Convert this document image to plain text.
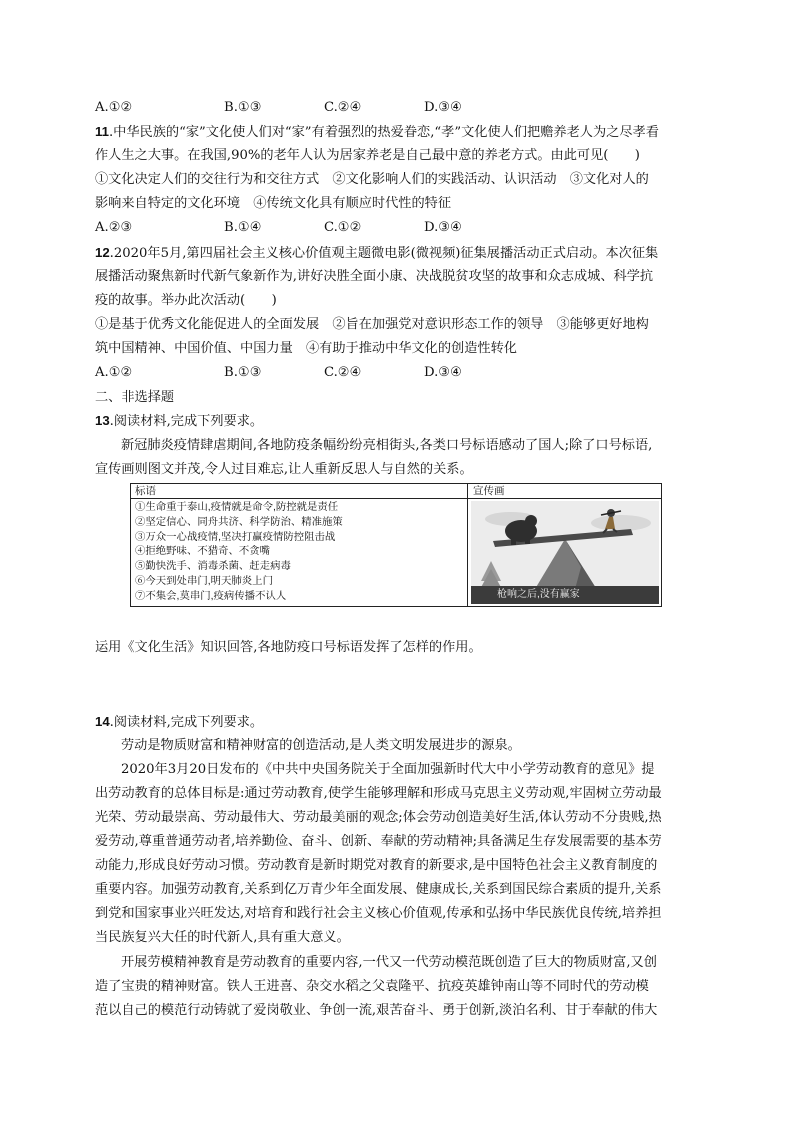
A.①②	B.①③	C.②④	D.③④
11.中华民族的“家”文化使人们对“家”有着强烈的热爱眷恋,“孝”文化使人们把赡养老人为之尽孝看
作人生之大事。在我国,90%的老年人认为居家养老是自己最中意的养老方式。由此可见(　　)
①文化决定人们的交往行为和交往方式　②文化影响人们的实践活动、认识活动　③文化对人的
影响来自特定的文化环境　④传统文化具有顺应时代性的特征
A.②③	B.①④	C.①②	D.③④
12.2020年5月,第四届社会主义核心价值观主题微电影(微视频)征集展播活动正式启动。本次征集
展播活动聚焦新时代新气象新作为,讲好决胜全面小康、决战脱贫攻坚的故事和众志成城、科学抗
疫的故事。举办此次活动(　　)
①是基于优秀文化能促进人的全面发展　②旨在加强党对意识形态工作的领导　③能够更好地构
筑中国精神、中国价值、中国力量　④有助于推动中华文化的创造性转化
A.①②	B.①③	C.②④	D.③④
二、非选择题
13.阅读材料,完成下列要求。
新冠肺炎疫情肆虐期间,各地防疫条幅纷纷亮相街头,各类口号标语感动了国人;除了口号标语,
宣传画则图文并茂,令人过目难忘,让人重新反思人与自然的关系。
标语	宣传画
①生命重于泰山,疫情就是命令,防控就是责任
②坚定信心、同舟共济、科学防治、精准施策
③万众一心战疫情,坚决打赢疫情防控阻击战
④拒绝野味、不猎奇、不贪嘴
⑤勤快洗手、消毒杀菌、赶走病毒
⑥今天到处串门,明天肺炎上门
⑦不集会,莫串门,疫病传播不认人	枪响之后,没有赢家
运用《文化生活》知识回答,各地防疫口号标语发挥了怎样的作用。
14.阅读材料,完成下列要求。
劳动是物质财富和精神财富的创造活动,是人类文明发展进步的源泉。
2020年3月20日发布的《中共中央国务院关于全面加强新时代大中小学劳动教育的意见》提
出劳动教育的总体目标是:通过劳动教育,使学生能够理解和形成马克思主义劳动观,牢固树立劳动最
光荣、劳动最崇高、劳动最伟大、劳动最美丽的观念;体会劳动创造美好生活,体认劳动不分贵贱,热
爱劳动,尊重普通劳动者,培养勤俭、奋斗、创新、奉献的劳动精神;具备满足生存发展需要的基本劳
动能力,形成良好劳动习惯。劳动教育是新时期党对教育的新要求,是中国特色社会主义教育制度的
重要内容。加强劳动教育,关系到亿万青少年全面发展、健康成长,关系到国民综合素质的提升,关系
到党和国家事业兴旺发达,对培育和践行社会主义核心价值观,传承和弘扬中华民族优良传统,培养担
当民族复兴大任的时代新人,具有重大意义。
开展劳模精神教育是劳动教育的重要内容,一代又一代劳动模范既创造了巨大的物质财富,又创
造了宝贵的精神财富。铁人王进喜、杂交水稻之父袁隆平、抗疫英雄钟南山等不同时代的劳动模
范以自己的模范行动铸就了爱岗敬业、争创一流,艰苦奋斗、勇于创新,淡泊名利、甘于奉献的伟大
